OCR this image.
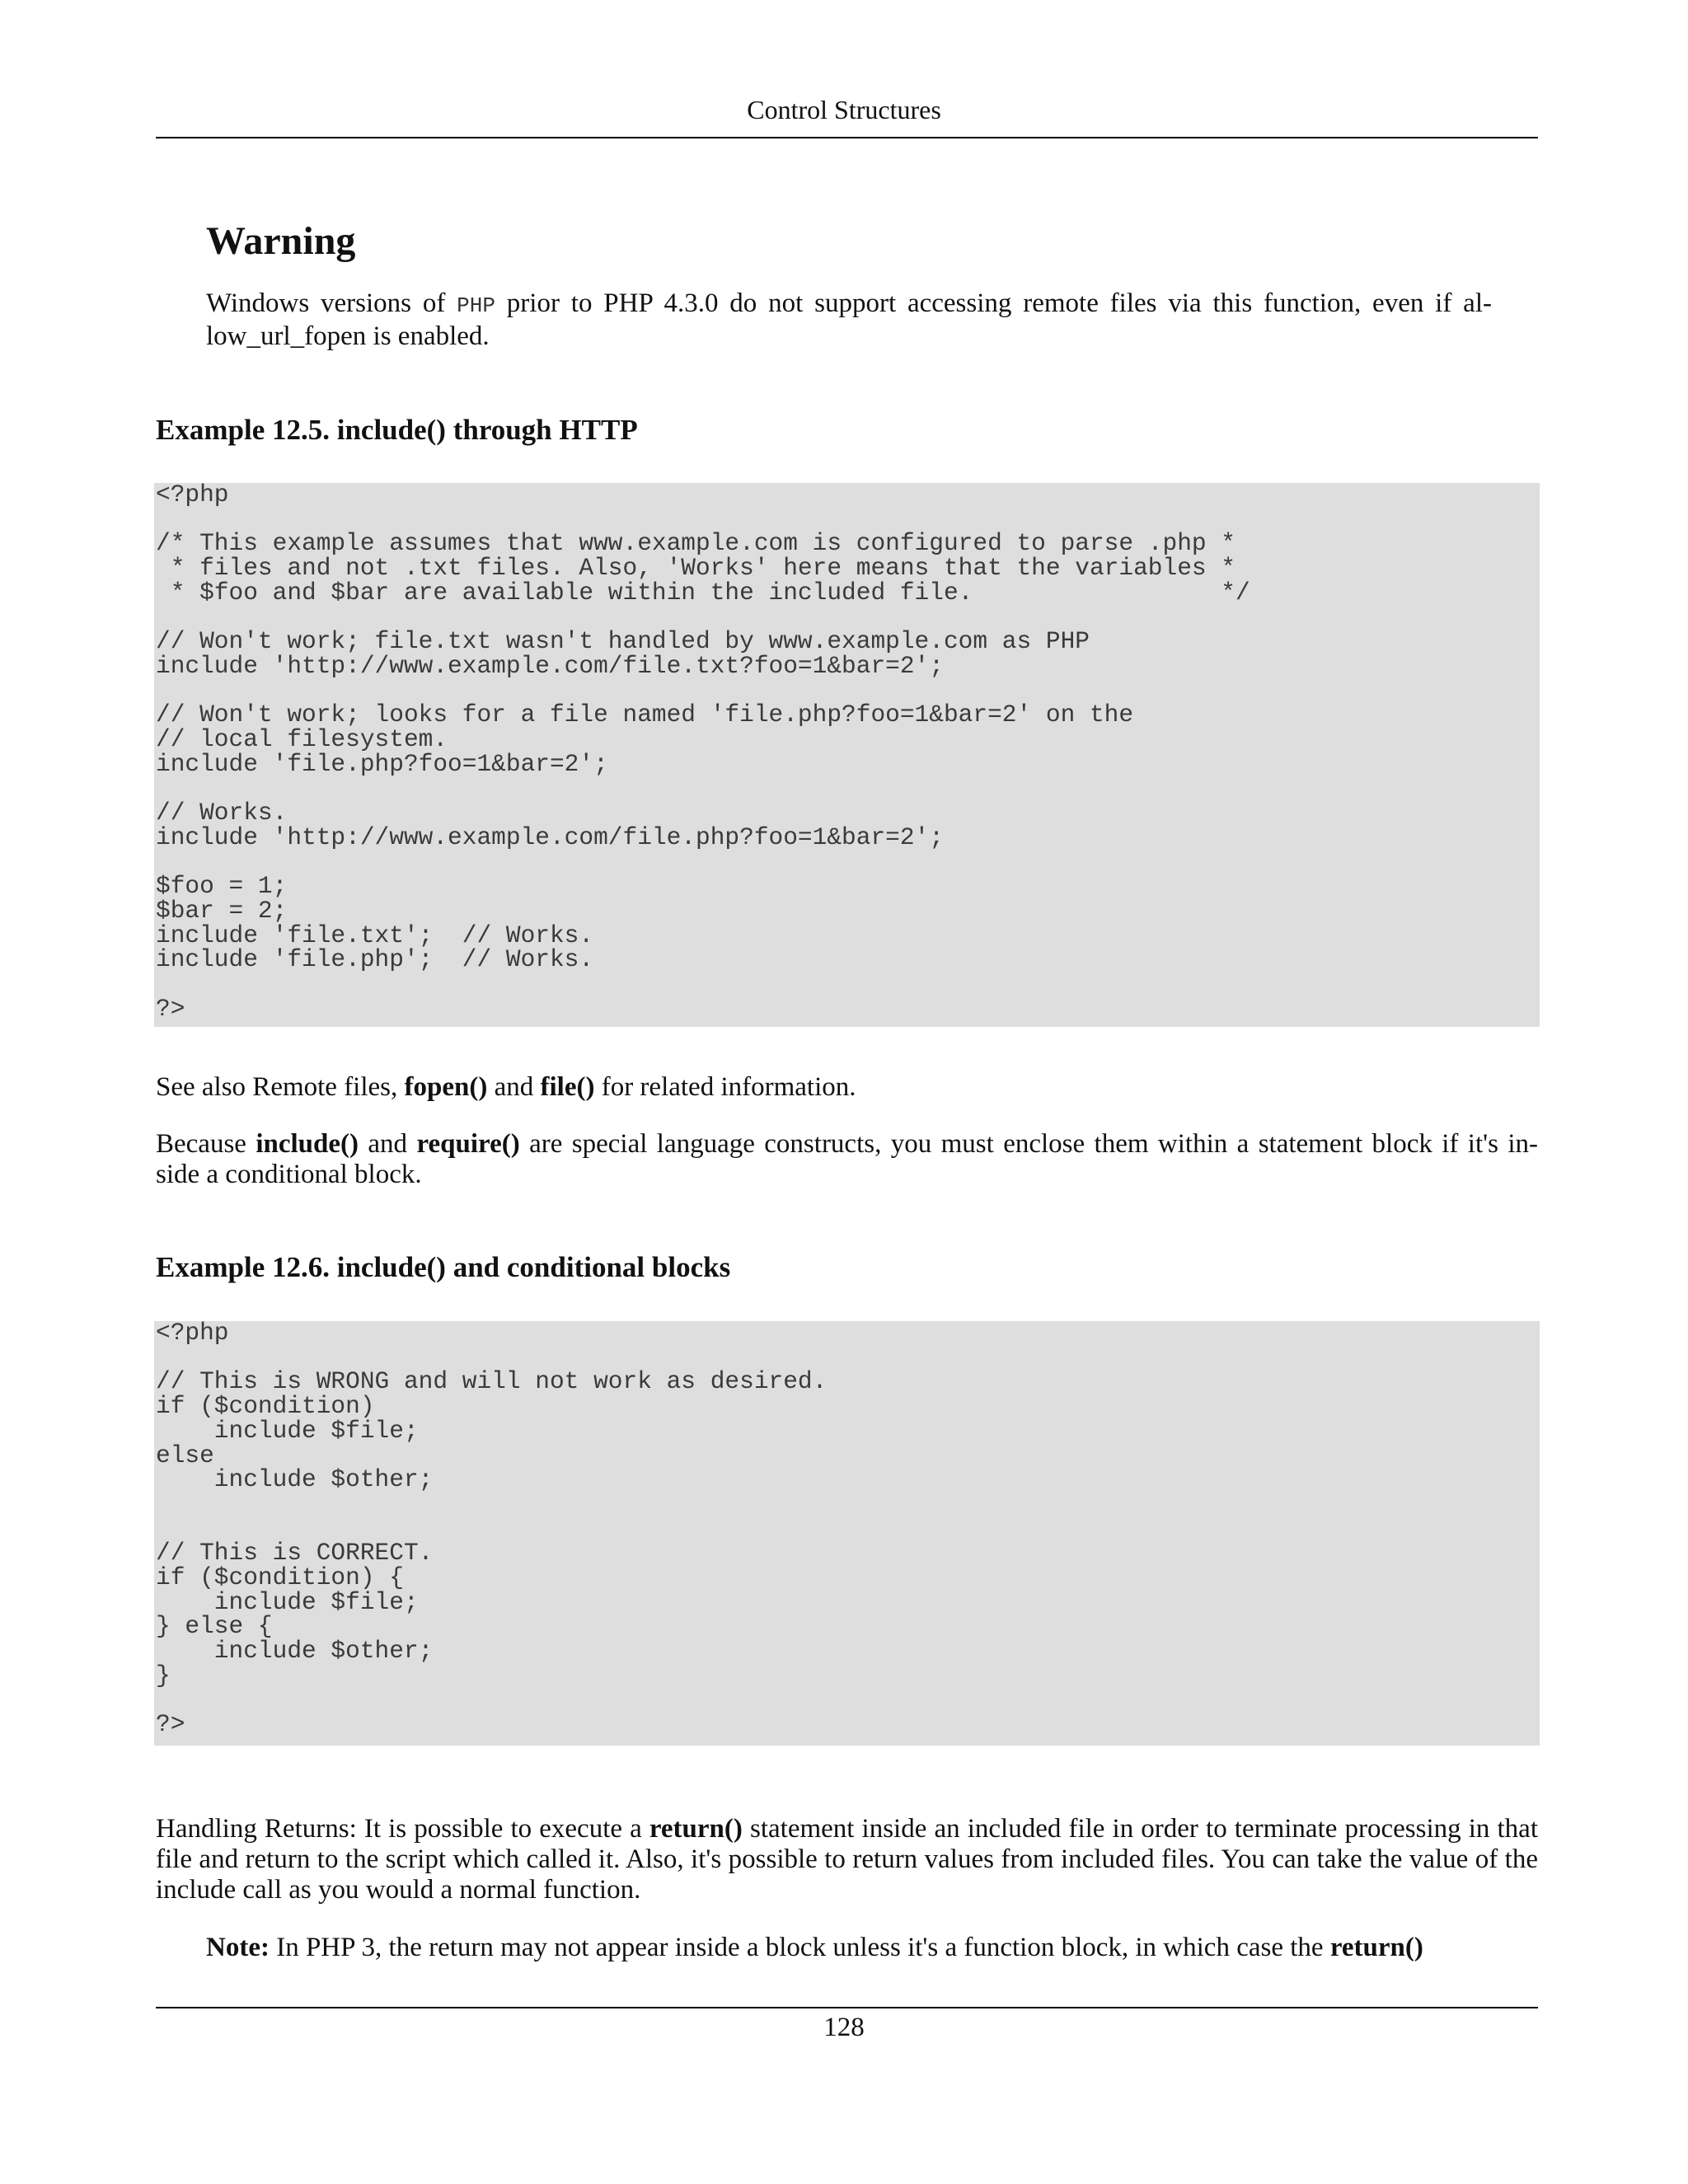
Control Structures
Warning
Windows versions of PHP prior to PHP 4.3.0 do not support accessing remote files via this function, even if al- low_url_fopen is enabled.
Example 12.5. include() through HTTP
<?php

/* This example assumes that www.example.com is configured to parse .php *
* files and not .txt files. Also, 'Works' here means that the variables *
* $foo and $bar are available within the included file.                 */

// Won't work; file.txt wasn't handled by www.example.com as PHP
include 'http://www.example.com/file.txt?foo=1&bar=2';

// Won't work; looks for a file named 'file.php?foo=1&bar=2' on the
// local filesystem.
include 'file.php?foo=1&bar=2';

// Works.
include 'http://www.example.com/file.php?foo=1&bar=2';

$foo = 1;
$bar = 2;
include 'file.txt';  // Works.
include 'file.php';  // Works.

?>
See also Remote files, fopen() and file() for related information.
Because include() and require() are special language constructs, you must enclose them within a statement block if it's in- side a conditional block.
Example 12.6. include() and conditional blocks
<?php

// This is WRONG and will not work as desired.
if ($condition)
include $file;
else
include $other;

// This is CORRECT.
if ($condition) {
include $file;
} else {
include $other;
}

?>
Handling Returns: It is possible to execute a return() statement inside an included file in order to terminate processing in that file and return to the script which called it. Also, it's possible to return values from included files. You can take the value of the include call as you would a normal function.
Note: In PHP 3, the return may not appear inside a block unless it's a function block, in which case the return()
128
